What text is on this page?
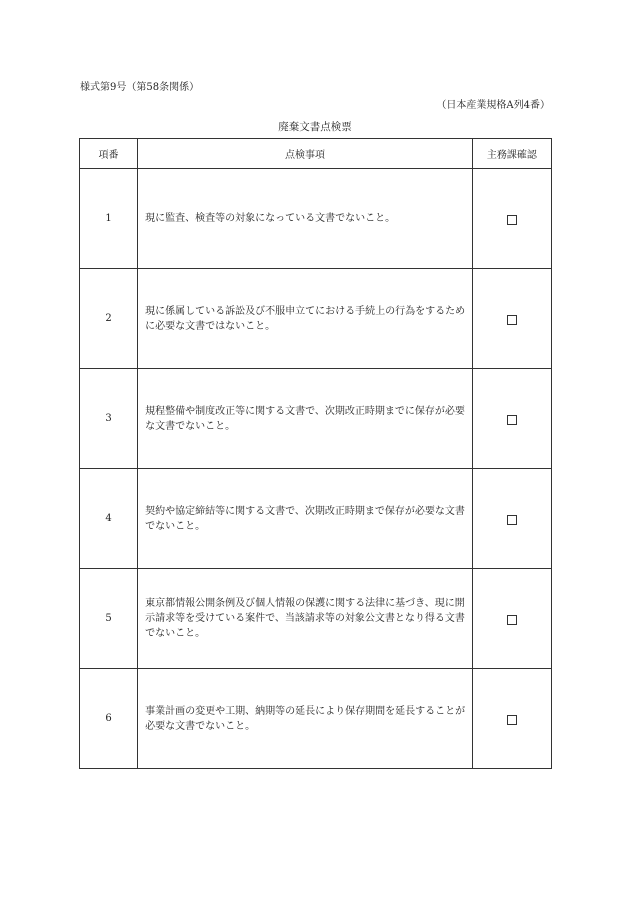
様式第9号（第58条関係）
（日本産業規格A列4番）
廃棄文書点検票
項番	点検事項	主務課確認
1	現に監査、検査等の対象になっている文書でないこと。	
2	現に係属している訴訟及び不服申立てにおける手続上の行為をするために必要な文書ではないこと。	
3	規程整備や制度改正等に関する文書で、次期改正時期までに保存が必要な文書でないこと。	
4	契約や協定締結等に関する文書で、次期改正時期まで保存が必要な文書でないこと。	
5	東京都情報公開条例及び個人情報の保護に関する法律に基づき、現に開示請求等を受けている案件で、当該請求等の対象公文書となり得る文書でないこと。	
6	事業計画の変更や工期、納期等の延長により保存期間を延長することが必要な文書でないこと。	
